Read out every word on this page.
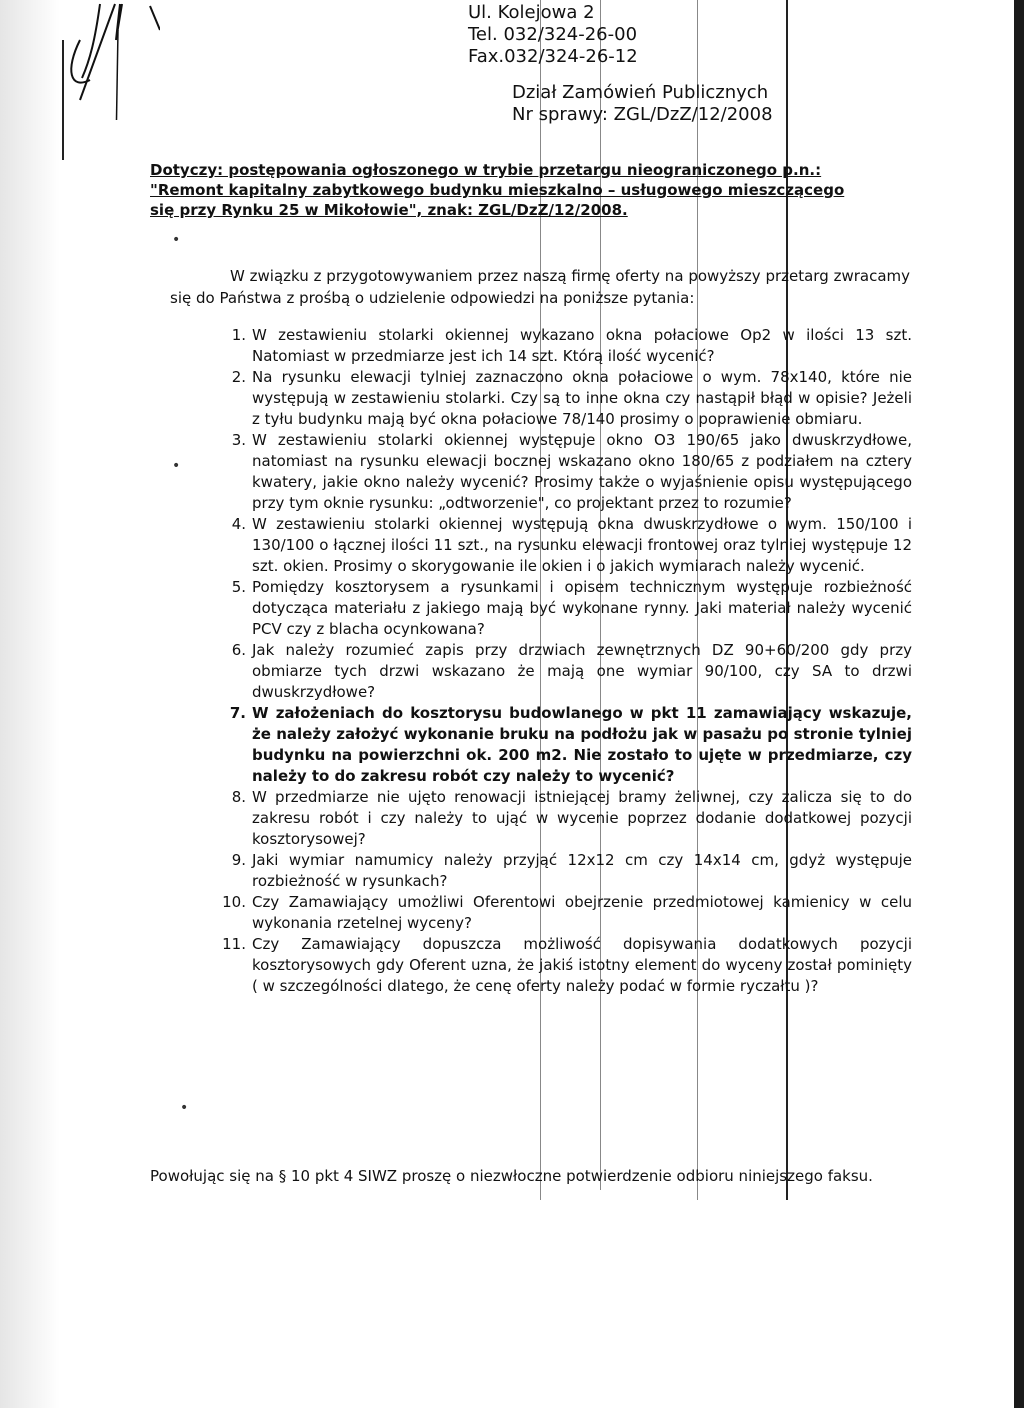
Ul. Kolejowa 2
Tel. 032/324-26-00
Fax.032/324-26-12
Dział Zamówień Publicznych
Nr sprawy: ZGL/DzZ/12/2008
Dotyczy: postępowania ogłoszonego w trybie przetargu nieograniczonego p.n.:
"Remont kapitalny zabytkowego budynku mieszkalno – usługowego mieszczącego
się przy Rynku 25 w Mikołowie", znak: ZGL/DzZ/12/2008.

W związku z przygotowywaniem przez naszą firmę oferty na powyższy przetarg zwracamy się do Państwa z prośbą o udzielenie odpowiedzi na poniższe pytania:

1. W zestawieniu stolarki okiennej wykazano okna połaciowe Op2 w ilości 13 szt. Natomiast w przedmiarze jest ich 14 szt. Którą ilość wycenić?
2. Na rysunku elewacji tylniej zaznaczono okna połaciowe o wym. 78x140, które nie występują w zestawieniu stolarki. Czy są to inne okna czy nastąpił błąd w opisie? Jeżeli z tyłu budynku mają być okna połaciowe 78/140 prosimy o poprawienie obmiaru.
3. W zestawieniu stolarki okiennej występuje okno O3 190/65 jako dwuskrzydłowe, natomiast na rysunku elewacji bocznej wskazano okno 180/65 z podziałem na cztery kwatery, jakie okno należy wycenić? Prosimy także o wyjaśnienie opisu występującego przy tym oknie rysunku: „odtworzenie", co projektant przez to rozumie?
4. W zestawieniu stolarki okiennej występują okna dwuskrzydłowe o wym. 150/100 i 130/100 o łącznej ilości 11 szt., na rysunku elewacji frontowej oraz tylniej występuje 12 szt. okien. Prosimy o skorygowanie ile okien i o jakich wymiarach należy wycenić.
5. Pomiędzy kosztorysem a rysunkami i opisem technicznym występuje rozbieżność dotycząca materiału z jakiego mają być wykonane rynny. Jaki materiał należy wycenić PCV czy z blacha ocynkowana?
6. Jak należy rozumieć zapis przy drzwiach zewnętrznych DZ 90+60/200 gdy przy obmiarze tych drzwi wskazano że mają one wymiar 90/100, czy SA to drzwi dwuskrzydłowe?
7. W założeniach do kosztorysu budowlanego w pkt 11 zamawiający wskazuje, że należy założyć wykonanie bruku na podłożu jak w pasażu po stronie tylniej budynku na powierzchni ok. 200 m2. Nie zostało to ujęte w przedmiarze, czy należy to do zakresu robót czy należy to wycenić?
8. W przedmiarze nie ujęto renowacji istniejącej bramy żeliwnej, czy zalicza się to do zakresu robót i czy należy to ująć w wycenie poprzez dodanie dodatkowej pozycji kosztorysowej?
9. Jaki wymiar namumicy należy przyjąć 12x12 cm czy 14x14 cm, gdyż występuje rozbieżność w rysunkach?
10. Czy Zamawiający umożliwi Oferentowi obejrzenie przedmiotowej kamienicy w celu wykonania rzetelnej wyceny?
11. Czy Zamawiający dopuszcza możliwość dopisywania dodatkowych pozycji kosztorysowych gdy Oferent uzna, że jakiś istotny element do wyceny został pominięty ( w szczególności dlatego, że cenę oferty należy podać w formie ryczałtu )?
Powołując się na § 10 pkt 4 SIWZ proszę o niezwłoczne potwierdzenie odbioru niniejszego faksu.
•
•
•
